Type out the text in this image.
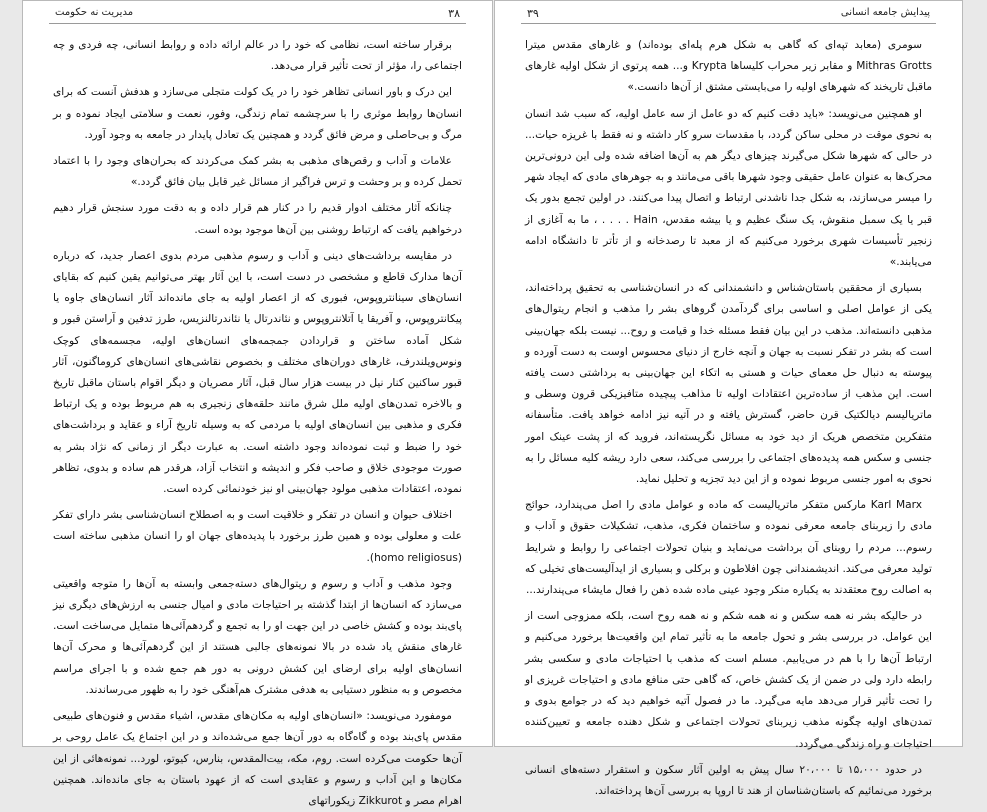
۳۸
مدیریت نه حکومت

برقرار ساخته است، نظامی که خود را در عالم ارائه داده و روابط انسانی، چه فردی و چه اجتماعی را، مؤثر از تحت تأثیر قرار می‌دهد.

این درک و باور انسانی تظاهر خود را در یک کولت متجلی می‌سازد و هدفش آنست که برای انسان‌ها روابط موثری را با سرچشمه تمام زندگی، وفور، نعمت و سلامتی ایجاد نموده و بر مرگ و بی‌حاصلی و مرض فائق گردد و همچنین یک تعادل پایدار در جامعه به وجود آورد.

علامات و آداب و رقص‌های مذهبی به بشر کمک می‌کردند که بحران‌های وجود را با اعتماد تحمل کرده و بر وحشت و ترس فراگیر از مسائل غیر قابل بیان فائق گردد.»

چنانکه آثار مختلف ادوار قدیم را در کنار هم قرار داده و به دقت مورد سنجش قرار دهیم درخواهیم یافت که ارتباط روشنی بین آن‌ها موجود بوده است.

در مقایسه برداشت‌های دینی و آداب و رسوم مذهبی مردم بدوی اعصار جدید، که درباره آن‌ها مدارک قاطع و مشخصی در دست است، با این آثار بهتر می‌توانیم یقین کنیم که بقایای انسان‌های سینانتروپوس، فبوری که از اعصار اولیه به جای مانده‌اند آثار انسان‌های جاوه یا پیکانتروپوس، و آفریقا یا آتلانتروپوس و نئاندرتال یا نئاندرتالنزیس، طرز تدفین و آراستن قبور و شکل آماده ساختن و قراردادن جمجمه‌های انسان‌های اولیه، مجسمه‌های کوچک ونوس‌ویلندرف، غارهای دوران‌های مختلف و بخصوص نقاشی‌های انسان‌های کروماگنون، آثار قبور ساکنین کنار نیل در بیست هزار سال قبل، آثار مصریان و دیگر اقوام باستان ماقبل تاریخ و بالاخره تمدن‌های اولیه ملل شرق مانند حلقه‌های زنجیری به هم مربوط بوده و یک ارتباط فکری و مذهبی بین انسان‌های اولیه با مردمی که به وسیله تاریخ آراء و عقاید و برداشت‌های خود را ضبط و ثبت نموده‌اند وجود داشته است. به عبارت دیگر از زمانی که نژاد بشر به صورت موجودی خلاق و صاحب فکر و اندیشه و انتخاب آزاد، هرقدر هم ساده و بدوی، تظاهر نموده، اعتقادات مذهبی مولود جهان‌بینی او نیز خودنمائی کرده است.

اختلاف حیوان و انسان در تفکر و خلاقیت است و به اصطلاح انسان‌شناسی بشر دارای تفکر علت و معلولی بوده و همین طرز برخورد با پدیده‌های جهان او را انسان مذهبی ساخته است (homo religiosus).

وجود مذهب و آداب و رسوم و ریتوال‌های دسته‌جمعی وابسته به آن‌ها را متوجه واقعیتی می‌سازد که انسان‌ها از ابتدا گذشته بر احتیاجات مادی و امیال جنسی به ارزش‌های دیگری نیز پای‌بند بوده و کشش خاصی در این جهت او را به تجمع و گردهم‌آئی‌ها متمایل می‌ساخت است. غارهای منقش یاد شده در بالا نمونه‌های جالبی هستند از این گردهم‌آئی‌ها و محرک آن‌ها انسان‌های اولیه برای ارضای این کشش درونی به دور هم جمع شده و با اجرای مراسم مخصوص و به منظور دستیابی به هدفی مشترک هم‌آهنگی خود را به ظهور می‌رساندند.

مومفورد می‌نویسد: «انسان‌های اولیه به مکان‌های مقدس، اشیاء مقدس و فنون‌های طبیعی مقدس پای‌بند بوده و گاه‌گاه به دور آن‌ها جمع می‌شده‌اند و در این اجتماع یک عامل روحی بر آن‌ها حکومت می‌کرده است. روم، مکه، بیت‌المقدس، بنارس، کیوتو، لورد... نمونه‌هائی از این مکان‌ها و این آداب و رسوم و عقایدی است که از عهود باستان به جای مانده‌اند. همچنین اهرام مصر و Zikkurot زیکوراتهای

۳۹	پیدایش جامعه انسانی

سومری (معابد تپه‌ای که گاهی به شکل هرم پله‌ای بوده‌اند) و غارهای مقدس میترا Mithras Grotts و مقابر زیر محراب کلیساها Krypta و... همه پرتوی از شکل اولیه غارهای ماقبل تاریخند که شهرهای اولیه را می‌بایستی مشتق از آن‌ها دانست.»

او همچنین می‌نویسد: «باید دقت کنیم که دو عامل از سه عامل اولیه، که سبب شد انسان به نحوی موقت در محلی ساکن گردد، با مقدسات سرو کار داشته و نه فقط با غریزه حیات... در حالی که شهرها شکل می‌گیرند چیزهای دیگر هم به آن‌ها اضافه شده ولی این درونی‌ترین محرک‌ها به عنوان عامل حقیقی وجود شهرها باقی می‌مانند و به جوهرهای مادی که ایجاد شهر را میسر می‌سازند، به شکل جدا ناشدنی ارتباط و اتصال پیدا می‌کنند. در اولین تجمع بدور یک قبر یا یک سمبل منقوش، یک سنگ عظیم و یا بیشه مقدس، Hain . . . . ، ما به آغازی از زنجیر تأسیسات شهری برخورد می‌کنیم که از معبد تا رصدخانه و از تأتر تا دانشگاه ادامه می‌یابند.»

بسیاری از محققین باستان‌شناس و دانشمندانی که در انسان‌شناسی به تحقیق پرداخته‌اند، یکی از عوامل اصلی و اساسی برای گردآمدن گروهای بشر را مذهب و انجام ریتوال‌های مذهبی دانسته‌اند. مذهب در این بیان فقط مسئله خدا و قیامت و روح... نیست بلکه جهان‌بینی است که بشر در تفکر نسبت به جهان و آنچه خارج از دنیای محسوس اوست به دست آورده و پیوسته به دنبال حل معمای حیات و هستی به اتکاء این جهان‌بینی به برداشتی دست یافته است. این مذهب از ساده‌ترین اعتقادات اولیه تا مذاهب پیچیده متافیزیکی قرون وسطی و ماتریالیسم دیالکتیک قرن حاضر، گسترش یافته و در آتیه نیز ادامه خواهد یافت. متأسفانه متفکرین متخصص هریک از دید خود به مسائل نگریسته‌اند، فروید که از پشت عینک امور جنسی و سکس همه پدیده‌های اجتماعی را بررسی می‌کند، سعی دارد ریشه کلیه مسائل را به نحوی به امور جنسی مربوط نموده و از این دید تجزیه و تحلیل نماید.

Karl Marx مارکس متفکر ماتریالیست که ماده و عوامل مادی را اصل می‌پندارد، حوائج مادی را زیربنای جامعه معرفی نموده و ساختمان فکری، مذهب، تشکیلات حقوق و آداب و رسوم... مردم را روبنای آن برداشت می‌نماید و بنیان تحولات اجتماعی را روابط و شرایط تولید معرفی می‌کند. اندیشمندانی چون افلاطون و برکلی و بسیاری از ایدآلیست‌های تخیلی که به اصالت روح معتقدند به یکباره منکر وجود عینی ماده شده ذهن را فعال مایشاء می‌پندارند...

در حالیکه بشر نه همه سکس و نه همه شکم و نه همه روح است، بلکه ممزوجی است از این عوامل. در بررسی بشر و تحول جامعه ما به تأثیر تمام این واقعیت‌ها برخورد می‌کنیم و ارتباط آن‌ها را با هم در می‌یابیم. مسلم است که مذهب با احتیاجات مادی و سکسی بشر رابطه دارد ولی در ضمن از یک کشش خاص، که گاهی حتی منافع مادی و احتیاجات غریزی او را تحت تأثیر قرار می‌دهد مایه می‌گیرد. ما در فصول آتیه خواهیم دید که در جوامع بدوی و تمدن‌های اولیه چگونه مذهب زیربنای تحولات اجتماعی و شکل دهنده جامعه و تعیین‌کننده احتیاجات و راه زندگی می‌گردد.

در حدود ۱۵،۰۰۰ تا ۲۰،۰۰۰ سال پیش به اولین آثار سکون و استقرار دسته‌های انسانی برخورد می‌نمائیم که باستان‌شناسان از هند تا اروپا به بررسی آن‌ها پرداخته‌اند.
